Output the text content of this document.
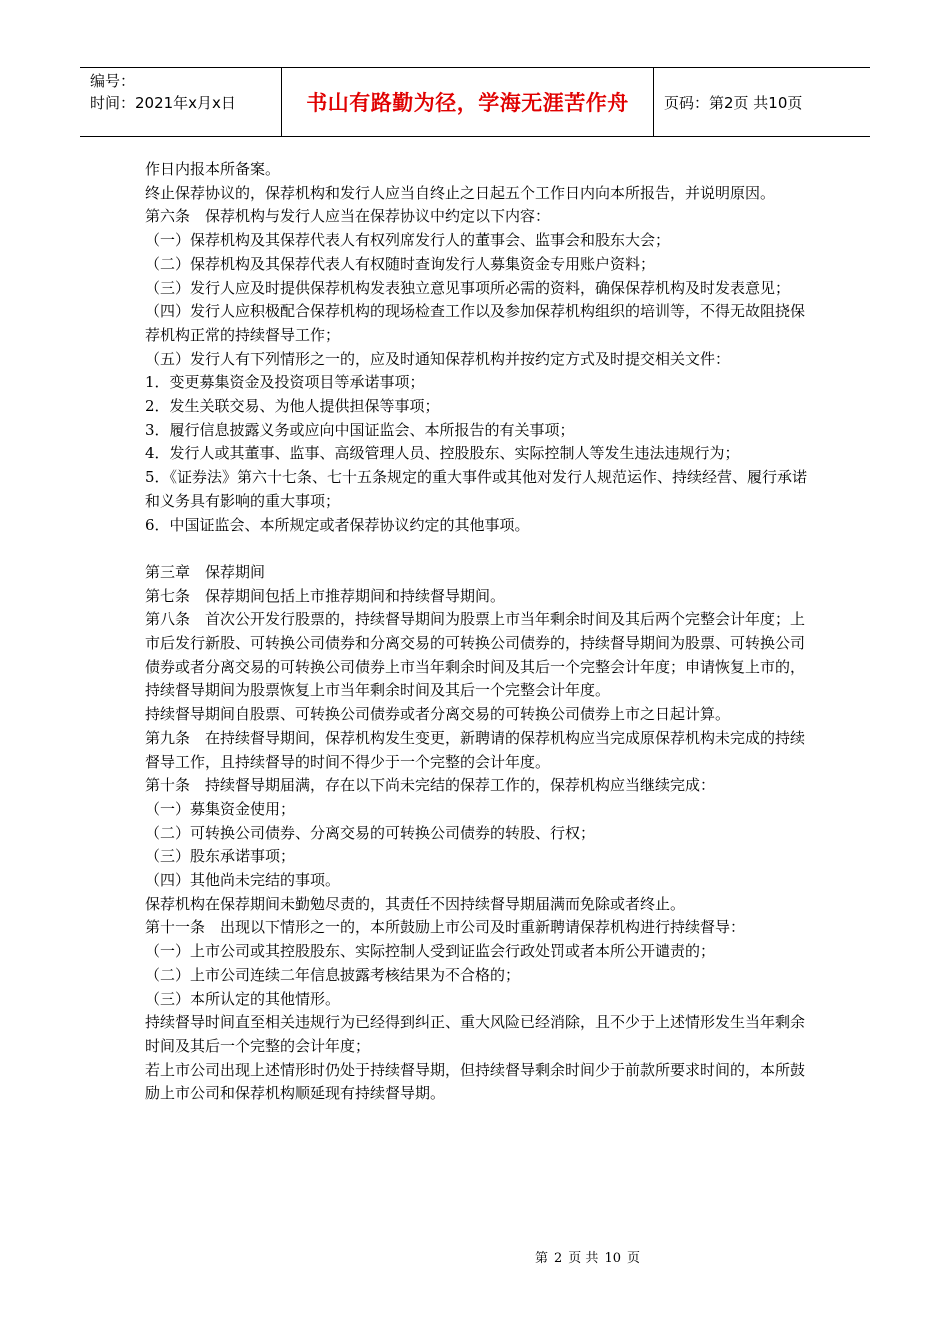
编号：
时间：2021年x月x日	书山有路勤为径，学海无涯苦作舟	页码：第2页 共10页

作日内报本所备案。

终止保荐协议的，保荐机构和发行人应当自终止之日起五个工作日内向本所报告，并说明原因。

第六条　保荐机构与发行人应当在保荐协议中约定以下内容：

（一）保荐机构及其保荐代表人有权列席发行人的董事会、监事会和股东大会；

（二）保荐机构及其保荐代表人有权随时查询发行人募集资金专用账户资料；

（三）发行人应及时提供保荐机构发表独立意见事项所必需的资料，确保保荐机构及时发表意见；

（四）发行人应积极配合保荐机构的现场检查工作以及参加保荐机构组织的培训等，不得无故阻挠保荐机构正常的持续督导工作；

（五）发行人有下列情形之一的，应及时通知保荐机构并按约定方式及时提交相关文件：

1．变更募集资金及投资项目等承诺事项；

2．发生关联交易、为他人提供担保等事项；

3．履行信息披露义务或应向中国证监会、本所报告的有关事项；

4．发行人或其董事、监事、高级管理人员、控股股东、实际控制人等发生违法违规行为；

5．《证券法》第六十七条、七十五条规定的重大事件或其他对发行人规范运作、持续经营、履行承诺和义务具有影响的重大事项；

6．中国证监会、本所规定或者保荐协议约定的其他事项。

第三章　保荐期间

第七条　保荐期间包括上市推荐期间和持续督导期间。

第八条　首次公开发行股票的，持续督导期间为股票上市当年剩余时间及其后两个完整会计年度；上市后发行新股、可转换公司债券和分离交易的可转换公司债券的，持续督导期间为股票、可转换公司债券或者分离交易的可转换公司债券上市当年剩余时间及其后一个完整会计年度；申请恢复上市的，持续督导期间为股票恢复上市当年剩余时间及其后一个完整会计年度。

持续督导期间自股票、可转换公司债券或者分离交易的可转换公司债券上市之日起计算。

第九条　在持续督导期间，保荐机构发生变更，新聘请的保荐机构应当完成原保荐机构未完成的持续督导工作，且持续督导的时间不得少于一个完整的会计年度。

第十条　持续督导期届满，存在以下尚未完结的保荐工作的，保荐机构应当继续完成：

（一）募集资金使用；

（二）可转换公司债券、分离交易的可转换公司债券的转股、行权；

（三）股东承诺事项；

（四）其他尚未完结的事项。

保荐机构在保荐期间未勤勉尽责的，其责任不因持续督导期届满而免除或者终止。

第十一条　出现以下情形之一的，本所鼓励上市公司及时重新聘请保荐机构进行持续督导：

（一）上市公司或其控股股东、实际控制人受到证监会行政处罚或者本所公开谴责的；

（二）上市公司连续二年信息披露考核结果为不合格的；

（三）本所认定的其他情形。

持续督导时间直至相关违规行为已经得到纠正、重大风险已经消除，且不少于上述情形发生当年剩余时间及其后一个完整的会计年度；

若上市公司出现上述情形时仍处于持续督导期，但持续督导剩余时间少于前款所要求时间的，本所鼓励上市公司和保荐机构顺延现有持续督导期。

第 2 页 共 10 页
